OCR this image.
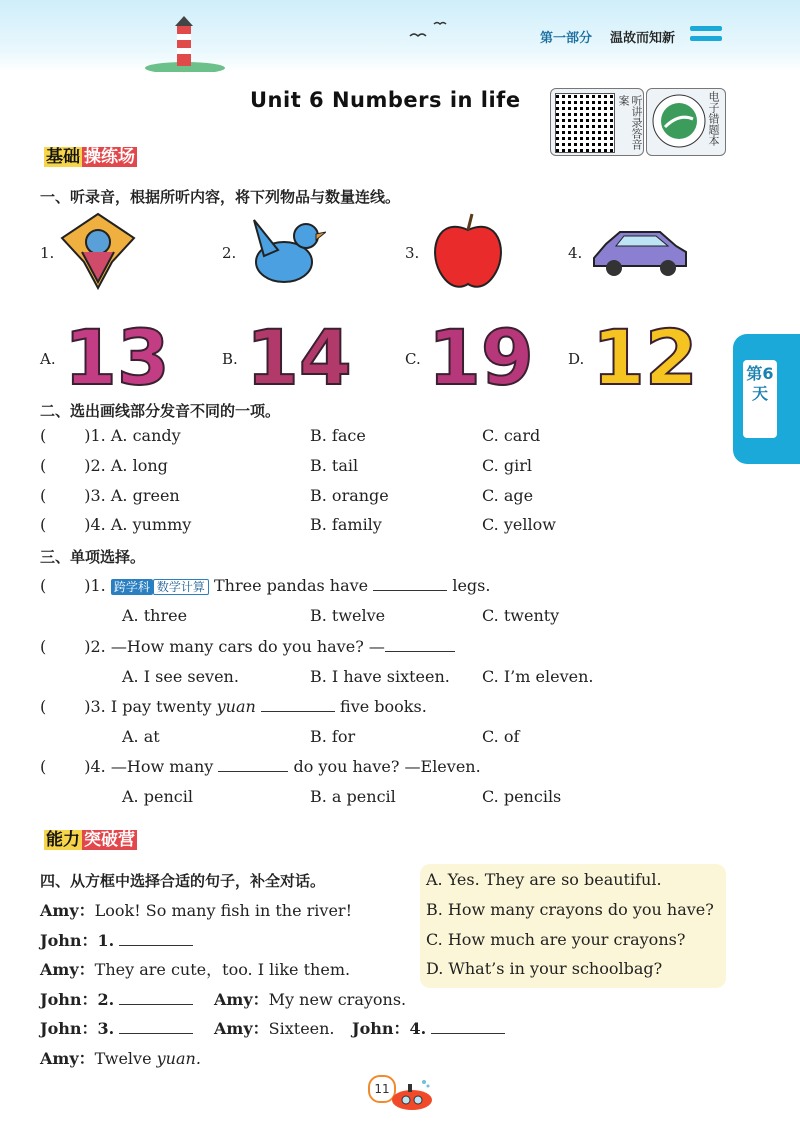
第一部分 温故而知新
Unit 6 Numbers in life	听讲录答音案	电子错题本
第6天
基础 操练场
一、听录音，根据所听内容，将下列物品与数量连线。
1.	2.	3.	4.
A. 13	B. 14	C. 19 D. 12
二、选出画线部分发音不同的一项。
( )1. A. candy	B. face	C. card
( )2. A. long	B. tail	C. girl
( )3. A. green	B. orange	C. age
( )4. A. yummy	B. family	C. yellow
三、单项选择。
( )1. 跨学科 数学计算 Three pandas have	legs.
A. three	B. twelve	C. twenty
( )2. —How many cars do you have? —
A. I see seven.	B. I have sixteen. C. I’m eleven.
( )3. I pay twenty yuan	five books.
A. at	B. for	C. of
( )4. —How many	do you have? —Eleven.
A. pencil	B. a pencil	C. pencils
能力 突破营
四、从方框中选择合适的句子，补全对话。	A. Yes. They are so beautiful.
B. How many crayons do you have?
C. How much are your crayons?
D. What’s in your schoolbag?
Amy：Look! So many fish in the river!
John：1.
Amy：They are cute，too. I like them.
John：2.	Amy：My new crayons.
John：3.	Amy：Sixteen. John：4.
Amy：Twelve yuan.
11
